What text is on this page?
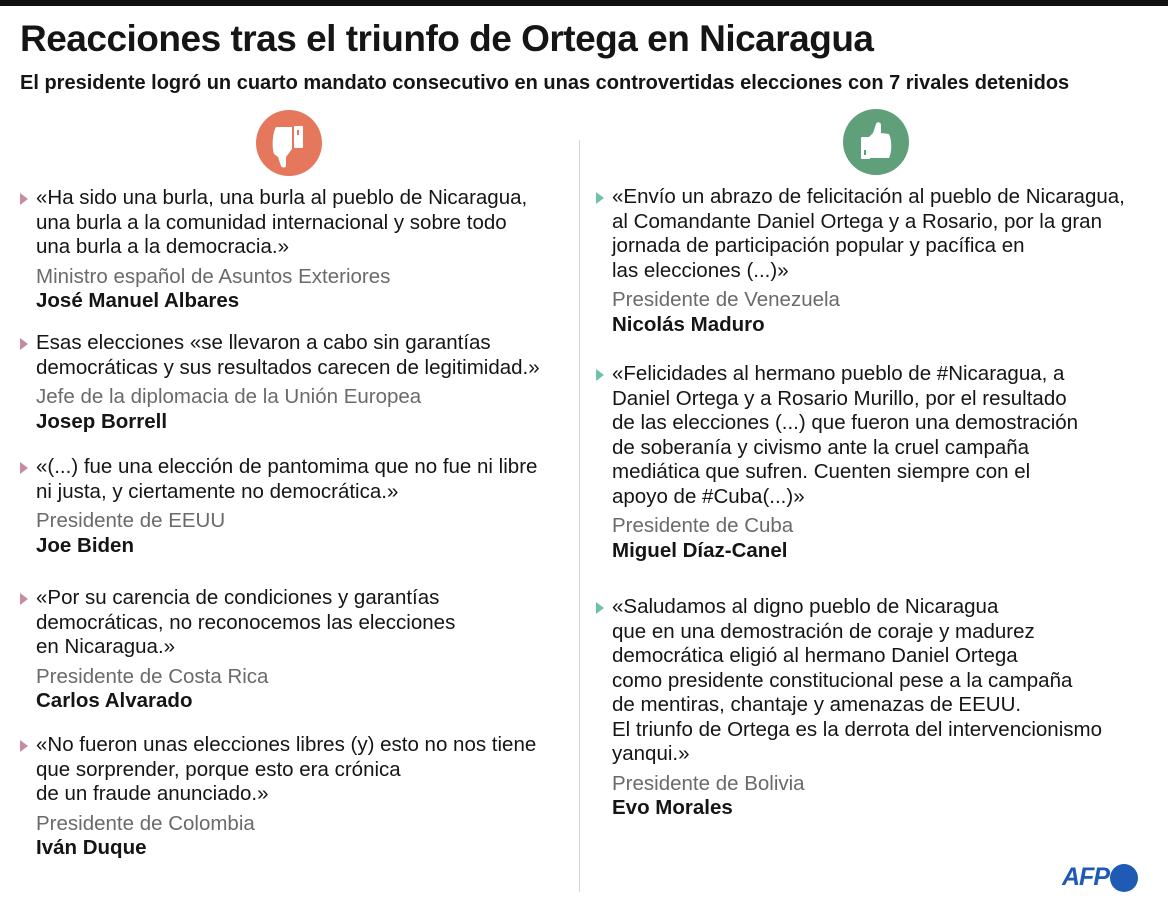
Reacciones tras el triunfo de Ortega en Nicaragua
El presidente logró un cuarto mandato consecutivo en unas controvertidas elecciones con 7 rivales detenidos
«Ha sido una burla, una burla al pueblo de Nicaragua,
una burla a la comunidad internacional y sobre todo
una burla a la democracia.»
Ministro español de Asuntos Exteriores
José Manuel Albares
Esas elecciones «se llevaron a cabo sin garantías
democráticas y sus resultados carecen de legitimidad.»
Jefe de la diplomacia de la Unión Europea
Josep Borrell
«(...) fue una elección de pantomima que no fue ni libre
ni justa, y ciertamente no democrática.»
Presidente de EEUU
Joe Biden
«Por su carencia de condiciones y garantías
democráticas, no reconocemos las elecciones
en Nicaragua.»
Presidente de Costa Rica
Carlos Alvarado
«No fueron unas elecciones libres (y) esto no nos tiene
que sorprender, porque esto era crónica
de un fraude anunciado.»
Presidente de Colombia
Iván Duque
«Envío un abrazo de felicitación al pueblo de Nicaragua,
al Comandante Daniel Ortega y a Rosario, por la gran
jornada de participación popular y pacífica en
las elecciones (...)»
Presidente de Venezuela
Nicolás Maduro
«Felicidades al hermano pueblo de #Nicaragua, a
Daniel Ortega y a Rosario Murillo, por el resultado
de las elecciones (...) que fueron una demostración
de soberanía y civismo ante la cruel campaña
mediática que sufren. Cuenten siempre con el
apoyo de #Cuba(...)»
Presidente de Cuba
Miguel Díaz-Canel
«Saludamos al digno pueblo de Nicaragua
que en una demostración de coraje y madurez
democrática eligió al hermano Daniel Ortega
como presidente constitucional pese a la campaña
de mentiras, chantaje y amenazas de EEUU.
El triunfo de Ortega es la derrota del intervencionismo
yanqui.»
Presidente de Bolivia
Evo Morales
AFP
